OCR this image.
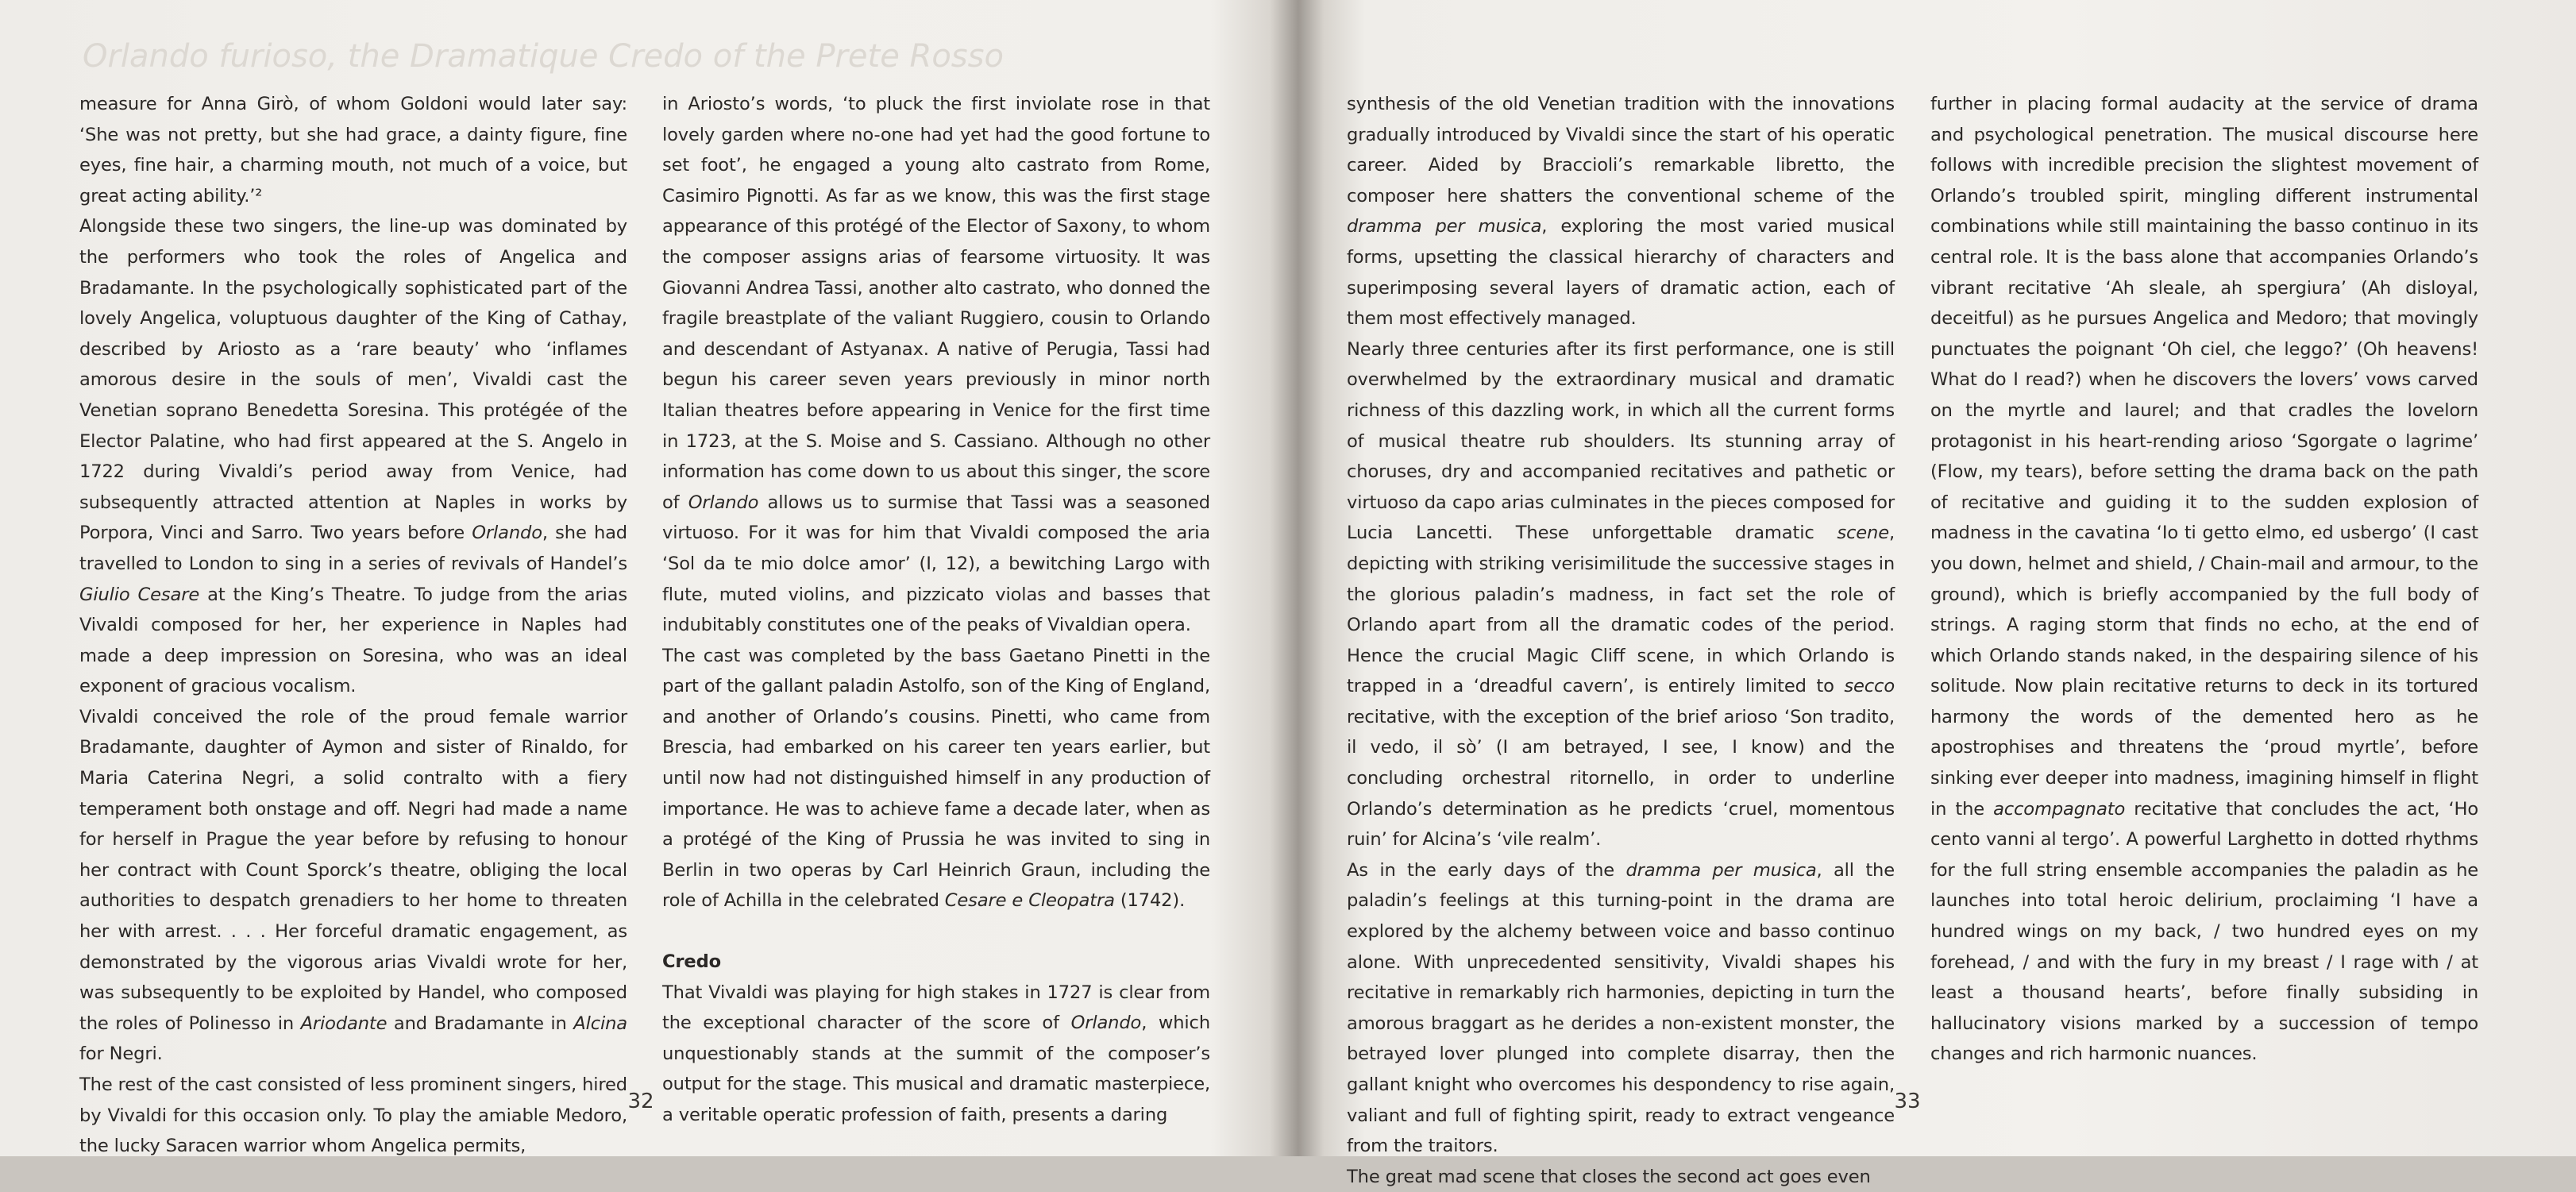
Orlando furioso, the Dramatique Credo of the Prete Rosso

measure for Anna Girò, of whom Goldoni would later say: ‘She was not pretty, but she had grace, a dainty figure, fine eyes, fine hair, a charming mouth, not much of a voice, but great acting ability.’²

Alongside these two singers, the line-up was dominated by the performers who took the roles of Angelica and Bradamante. In the psychologically sophisticated part of the lovely Angelica, voluptuous daughter of the King of Cathay, described by Ariosto as a ‘rare beauty’ who ‘inflames amorous desire in the souls of men’, Vivaldi cast the Venetian soprano Benedetta Soresina. This protégée of the Elector Palatine, who had first appeared at the S. Angelo in 1722 during Vivaldi’s period away from Venice, had subsequently attracted attention at Naples in works by Porpora, Vinci and Sarro. Two years before Orlando, she had travelled to London to sing in a series of revivals of Handel’s Giulio Cesare at the King’s Theatre. To judge from the arias Vivaldi composed for her, her experience in Naples had made a deep impression on Soresina, who was an ideal exponent of gracious vocalism.

Vivaldi conceived the role of the proud female warrior Bradamante, daughter of Aymon and sister of Rinaldo, for Maria Caterina Negri, a solid contralto with a fiery temperament both onstage and off. Negri had made a name for herself in Prague the year before by refusing to honour her contract with Count Sporck’s theatre, obliging the local authorities to despatch grenadiers to her home to threaten her with arrest. . . . Her forceful dramatic engagement, as demonstrated by the vigorous arias Vivaldi wrote for her, was subsequently to be exploited by Handel, who composed the roles of Polinesso in Ariodante and Bradamante in Alcina for Negri.

The rest of the cast consisted of less prominent singers, hired by Vivaldi for this occasion only. To play the amiable Medoro, the lucky Saracen warrior whom Angelica permits,

in Ariosto’s words, ‘to pluck the first inviolate rose in that lovely garden where no-one had yet had the good fortune to set foot’, he engaged a young alto castrato from Rome, Casimiro Pignotti. As far as we know, this was the first stage appearance of this protégé of the Elector of Saxony, to whom the composer assigns arias of fearsome virtuosity. It was Giovanni Andrea Tassi, another alto castrato, who donned the fragile breastplate of the valiant Ruggiero, cousin to Orlando and descendant of Astyanax. A native of Perugia, Tassi had begun his career seven years previously in minor north Italian theatres before appearing in Venice for the first time in 1723, at the S. Moise and S. Cassiano. Although no other information has come down to us about this singer, the score of Orlando allows us to surmise that Tassi was a seasoned virtuoso. For it was for him that Vivaldi composed the aria ‘Sol da te mio dolce amor’ (I, 12), a bewitching Largo with flute, muted violins, and pizzicato violas and basses that indubitably constitutes one of the peaks of Vivaldian opera.

The cast was completed by the bass Gaetano Pinetti in the part of the gallant paladin Astolfo, son of the King of England, and another of Orlando’s cousins. Pinetti, who came from Brescia, had embarked on his career ten years earlier, but until now had not distinguished himself in any production of importance. He was to achieve fame a decade later, when as a protégé of the King of Prussia he was invited to sing in Berlin in two operas by Carl Heinrich Graun, including the role of Achilla in the celebrated Cesare e Cleopatra (1742).

Credo

That Vivaldi was playing for high stakes in 1727 is clear from the exceptional character of the score of Orlando, which unquestionably stands at the summit of the composer’s output for the stage. This musical and dramatic masterpiece, a veritable operatic profession of faith, presents a daring

32

synthesis of the old Venetian tradition with the innovations gradually introduced by Vivaldi since the start of his operatic career. Aided by Braccioli’s remarkable libretto, the composer here shatters the conventional scheme of the dramma per musica, exploring the most varied musical forms, upsetting the classical hierarchy of characters and superimposing several layers of dramatic action, each of them most effectively managed.

Nearly three centuries after its first performance, one is still overwhelmed by the extraordinary musical and dramatic richness of this dazzling work, in which all the current forms of musical theatre rub shoulders. Its stunning array of choruses, dry and accompanied recitatives and pathetic or virtuoso da capo arias culminates in the pieces composed for Lucia Lancetti. These unforgettable dramatic scene, depicting with striking verisimilitude the successive stages in the glorious paladin’s madness, in fact set the role of Orlando apart from all the dramatic codes of the period. Hence the crucial Magic Cliff scene, in which Orlando is trapped in a ‘dreadful cavern’, is entirely limited to secco recitative, with the exception of the brief arioso ‘Son tradito, il vedo, il sò’ (I am betrayed, I see, I know) and the concluding orchestral ritornello, in order to underline Orlando’s determination as he predicts ‘cruel, momentous ruin’ for Alcina’s ‘vile realm’.

As in the early days of the dramma per musica, all the paladin’s feelings at this turning-point in the drama are explored by the alchemy between voice and basso continuo alone. With unprecedented sensitivity, Vivaldi shapes his recitative in remarkably rich harmonies, depicting in turn the amorous braggart as he derides a non-existent monster, the betrayed lover plunged into complete disarray, then the gallant knight who overcomes his despondency to rise again, valiant and full of fighting spirit, ready to extract vengeance from the traitors.

The great mad scene that closes the second act goes even

further in placing formal audacity at the service of drama and psychological penetration. The musical discourse here follows with incredible precision the slightest movement of Orlando’s troubled spirit, mingling different instrumental combinations while still maintaining the basso continuo in its central role. It is the bass alone that accompanies Orlando’s vibrant recitative ‘Ah sleale, ah spergiura’ (Ah disloyal, deceitful) as he pursues Angelica and Medoro; that movingly punctuates the poignant ‘Oh ciel, che leggo?’ (Oh heavens! What do I read?) when he discovers the lovers’ vows carved on the myrtle and laurel; and that cradles the lovelorn protagonist in his heart-rending arioso ‘Sgorgate o lagrime’ (Flow, my tears), before setting the drama back on the path of recitative and guiding it to the sudden explosion of madness in the cavatina ‘Io ti getto elmo, ed usbergo’ (I cast you down, helmet and shield, / Chain-mail and armour, to the ground), which is briefly accompanied by the full body of strings. A raging storm that finds no echo, at the end of which Orlando stands naked, in the despairing silence of his solitude. Now plain recitative returns to deck in its tortured harmony the words of the demented hero as he apostrophises and threatens the ‘proud myrtle’, before sinking ever deeper into madness, imagining himself in flight in the accompagnato recitative that concludes the act, ‘Ho cento vanni al tergo’. A powerful Larghetto in dotted rhythms for the full string ensemble accompanies the paladin as he launches into total heroic delirium, proclaiming ‘I have a hundred wings on my back, / two hundred eyes on my forehead, / and with the fury in my breast / I rage with / at least a thousand hearts’, before finally subsiding in hallucinatory visions marked by a succession of tempo changes and rich harmonic nuances.

33
